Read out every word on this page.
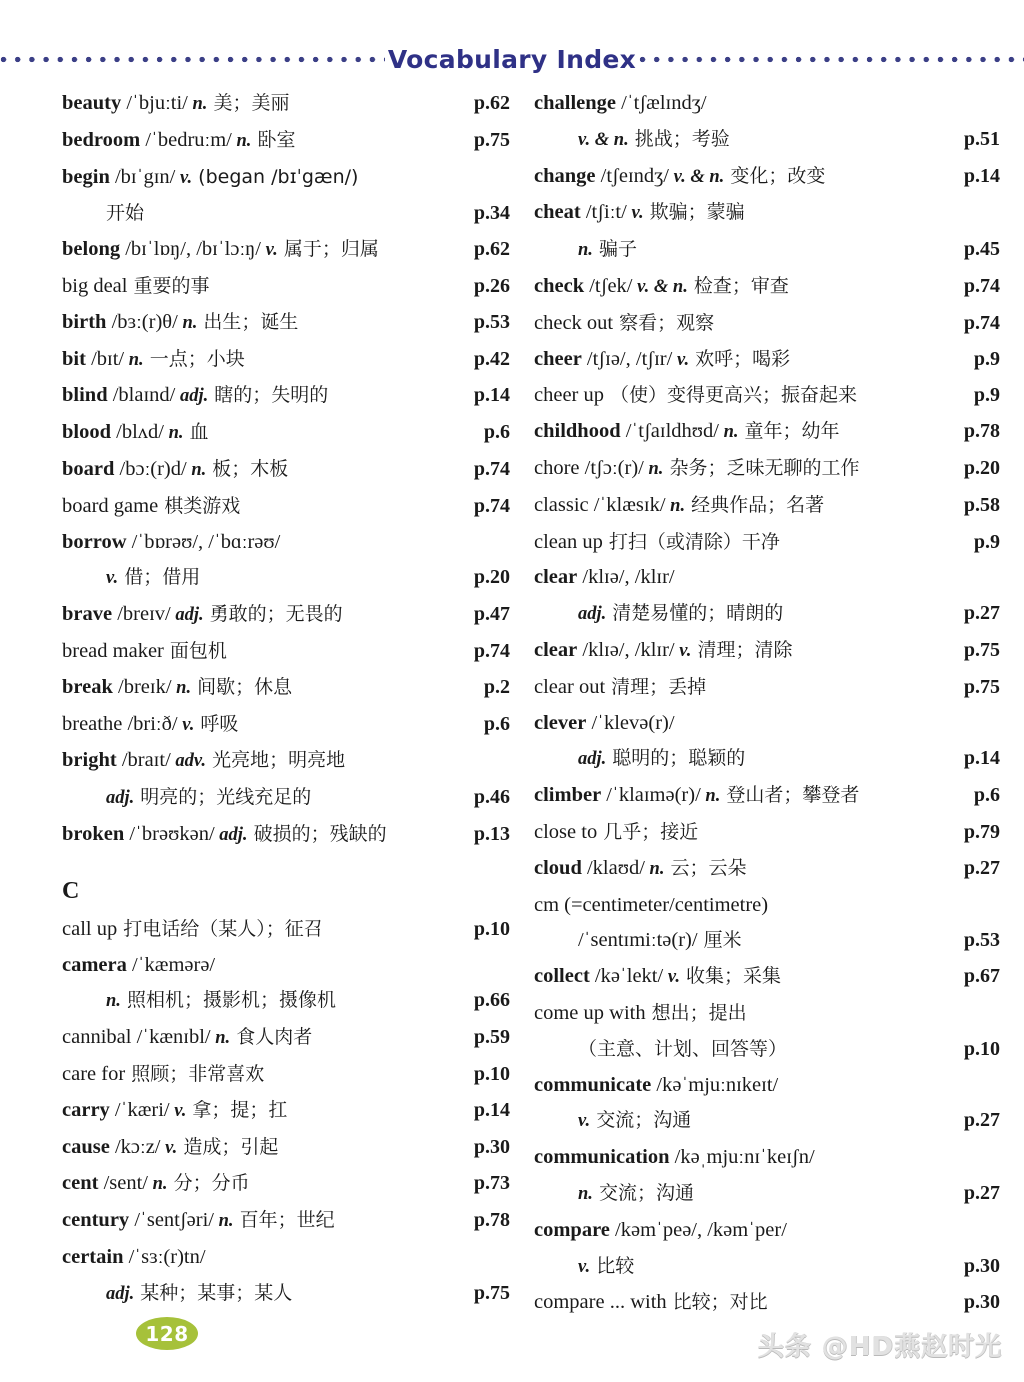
Vocabulary Index
beauty /ˈbjuːti/ n. 美；美丽	p.62
bedroom /ˈbedruːm/ n. 卧室	p.75
begin /bɪˈgɪn/ v. (began /bɪˈgæn/)
开始	p.34
belong /bɪˈlɒŋ/, /bɪˈlɔːŋ/ v. 属于；归属	p.62
big deal 重要的事	p.26
birth /bɜː(r)θ/ n. 出生；诞生	p.53
bit /bɪt/ n. 一点；小块	p.42
blind /blaɪnd/ adj. 瞎的；失明的	p.14
blood /blʌd/ n. 血	p.6
board /bɔː(r)d/ n. 板；木板	p.74
board game 棋类游戏	p.74
borrow /ˈbɒrəʊ/, /ˈbɑːrəʊ/
v. 借；借用	p.20
brave /breɪv/ adj. 勇敢的；无畏的	p.47
bread maker 面包机	p.74
break /breɪk/ n. 间歇；休息	p.2
breathe /briːð/ v. 呼吸	p.6
bright /braɪt/ adv. 光亮地；明亮地
adj. 明亮的；光线充足的	p.46
broken /ˈbrəʊkən/ adj. 破损的；残缺的	p.13
C
call up 打电话给（某人）；征召	p.10
camera /ˈkæmərə/
n. 照相机；摄影机；摄像机	p.66
cannibal /ˈkænɪbl/ n. 食人肉者	p.59
care for 照顾；非常喜欢	p.10
carry /ˈkæri/ v. 拿；提；扛	p.14
cause /kɔːz/ v. 造成；引起	p.30
cent /sent/ n. 分；分币	p.73
century /ˈsentʃəri/ n. 百年；世纪	p.78
certain /ˈsɜː(r)tn/
adj. 某种；某事；某人	p.75
challenge /ˈtʃælɪndʒ/
v. & n. 挑战；考验	p.51
change /tʃeɪndʒ/ v. & n. 变化；改变	p.14
cheat /tʃiːt/ v. 欺骗；蒙骗
n. 骗子	p.45
check /tʃek/ v. & n. 检查；审查	p.74
check out 察看；观察	p.74
cheer /tʃɪə/, /tʃɪr/ v. 欢呼；喝彩	p.9
cheer up （使）变得更高兴；振奋起来	p.9
childhood /ˈtʃaɪldhʊd/ n. 童年；幼年	p.78
chore /tʃɔː(r)/ n. 杂务；乏味无聊的工作	p.20
classic /ˈklæsɪk/ n. 经典作品；名著	p.58
clean up 打扫（或清除）干净	p.9
clear /klɪə/, /klɪr/
adj. 清楚易懂的；晴朗的	p.27
clear /klɪə/, /klɪr/ v. 清理；清除	p.75
clear out 清理；丢掉	p.75
clever /ˈklevə(r)/
adj. 聪明的；聪颖的	p.14
climber /ˈklaɪmə(r)/ n. 登山者；攀登者	p.6
close to 几乎；接近	p.79
cloud /klaʊd/ n. 云；云朵	p.27
cm (=centimeter/centimetre)
/ˈsentɪmiːtə(r)/ 厘米	p.53
collect /kəˈlekt/ v. 收集；采集	p.67
come up with 想出；提出
（主意、计划、回答等）	p.10
communicate /kəˈmjuːnɪkeɪt/
v. 交流；沟通	p.27
communication /kəˌmjuːnɪˈkeɪʃn/
n. 交流；沟通	p.27
compare /kəmˈpeə/, /kəmˈper/
v. 比较	p.30
compare ... with 比较；对比	p.30
128	头条 @HD燕赵时光
